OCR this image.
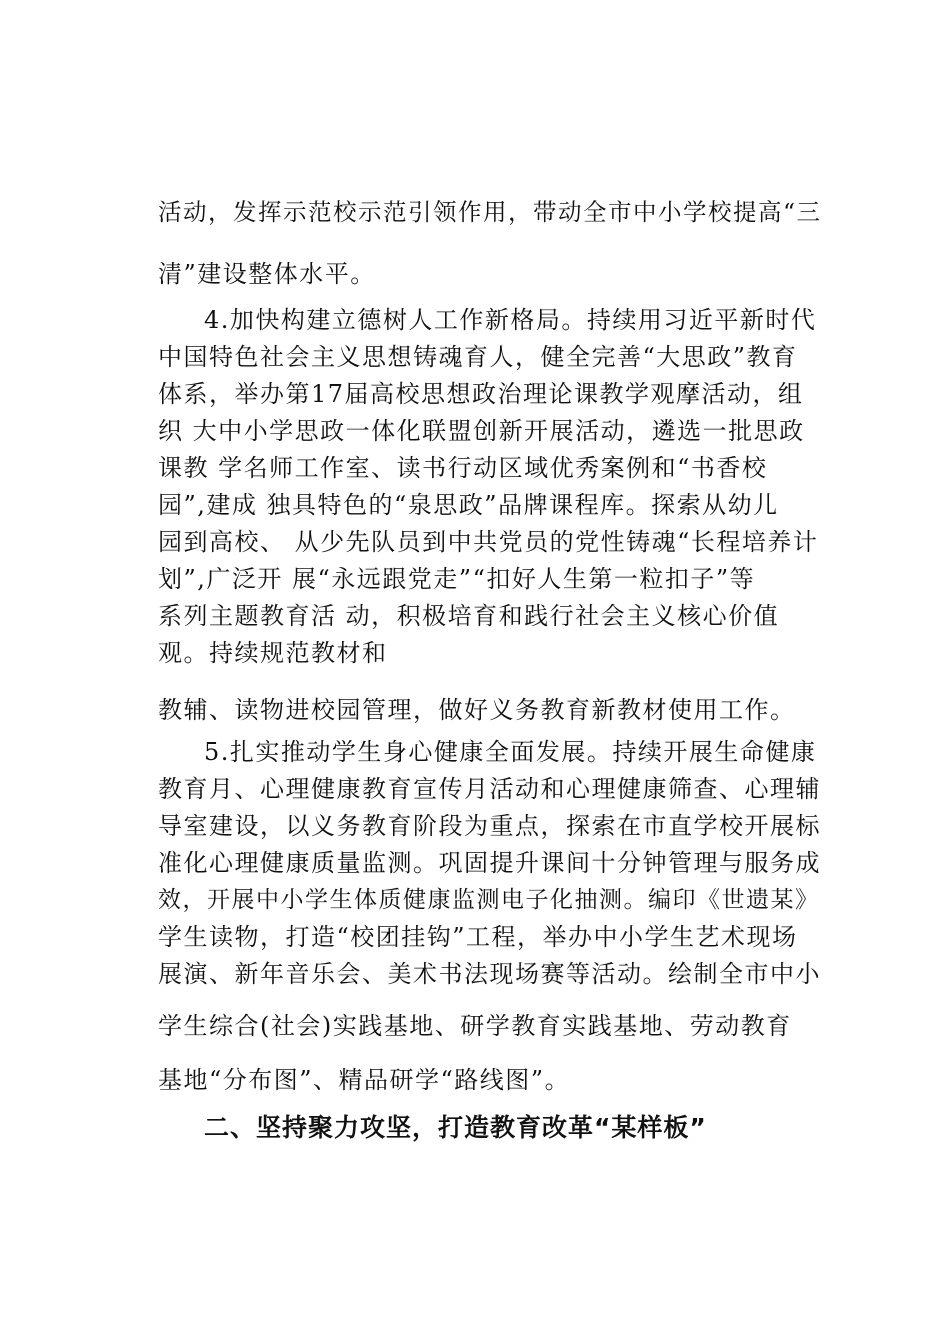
活动，发挥示范校示范引领作用，带动全市中小学校提高“三
清”建设整体水平。
4.加快构建立德树人工作新格局。持续用习近平新时代
中国特色社会主义思想铸魂育人，健全完善“大思政”教育
体系，举办第17届高校思想政治理论课教学观摩活动，组
织 大中小学思政一体化联盟创新开展活动，遴选一批思政
课教 学名师工作室、读书行动区域优秀案例和“书香校
园”,建成 独具特色的“泉思政”品牌课程库。探索从幼儿
园到高校、 从少先队员到中共党员的党性铸魂“长程培养计
划”,广泛开 展“永远跟党走”“扣好人生第一粒扣子”等
系列主题教育活 动，积极培育和践行社会主义核心价值
观。持续规范教材和
教辅、读物进校园管理，做好义务教育新教材使用工作。
5.扎实推动学生身心健康全面发展。持续开展生命健康
教育月、心理健康教育宣传月活动和心理健康筛查、心理辅
导室建设，以义务教育阶段为重点，探索在市直学校开展标
准化心理健康质量监测。巩固提升课间十分钟管理与服务成
效，开展中小学生体质健康监测电子化抽测。编印《世遗某》
学生读物，打造“校团挂钩”工程，举办中小学生艺术现场
展演、新年音乐会、美术书法现场赛等活动。绘制全市中小
学生综合(社会)实践基地、研学教育实践基地、劳动教育
基地“分布图”、精品研学“路线图”。
二、坚持聚力攻坚，打造教育改革“某样板”
